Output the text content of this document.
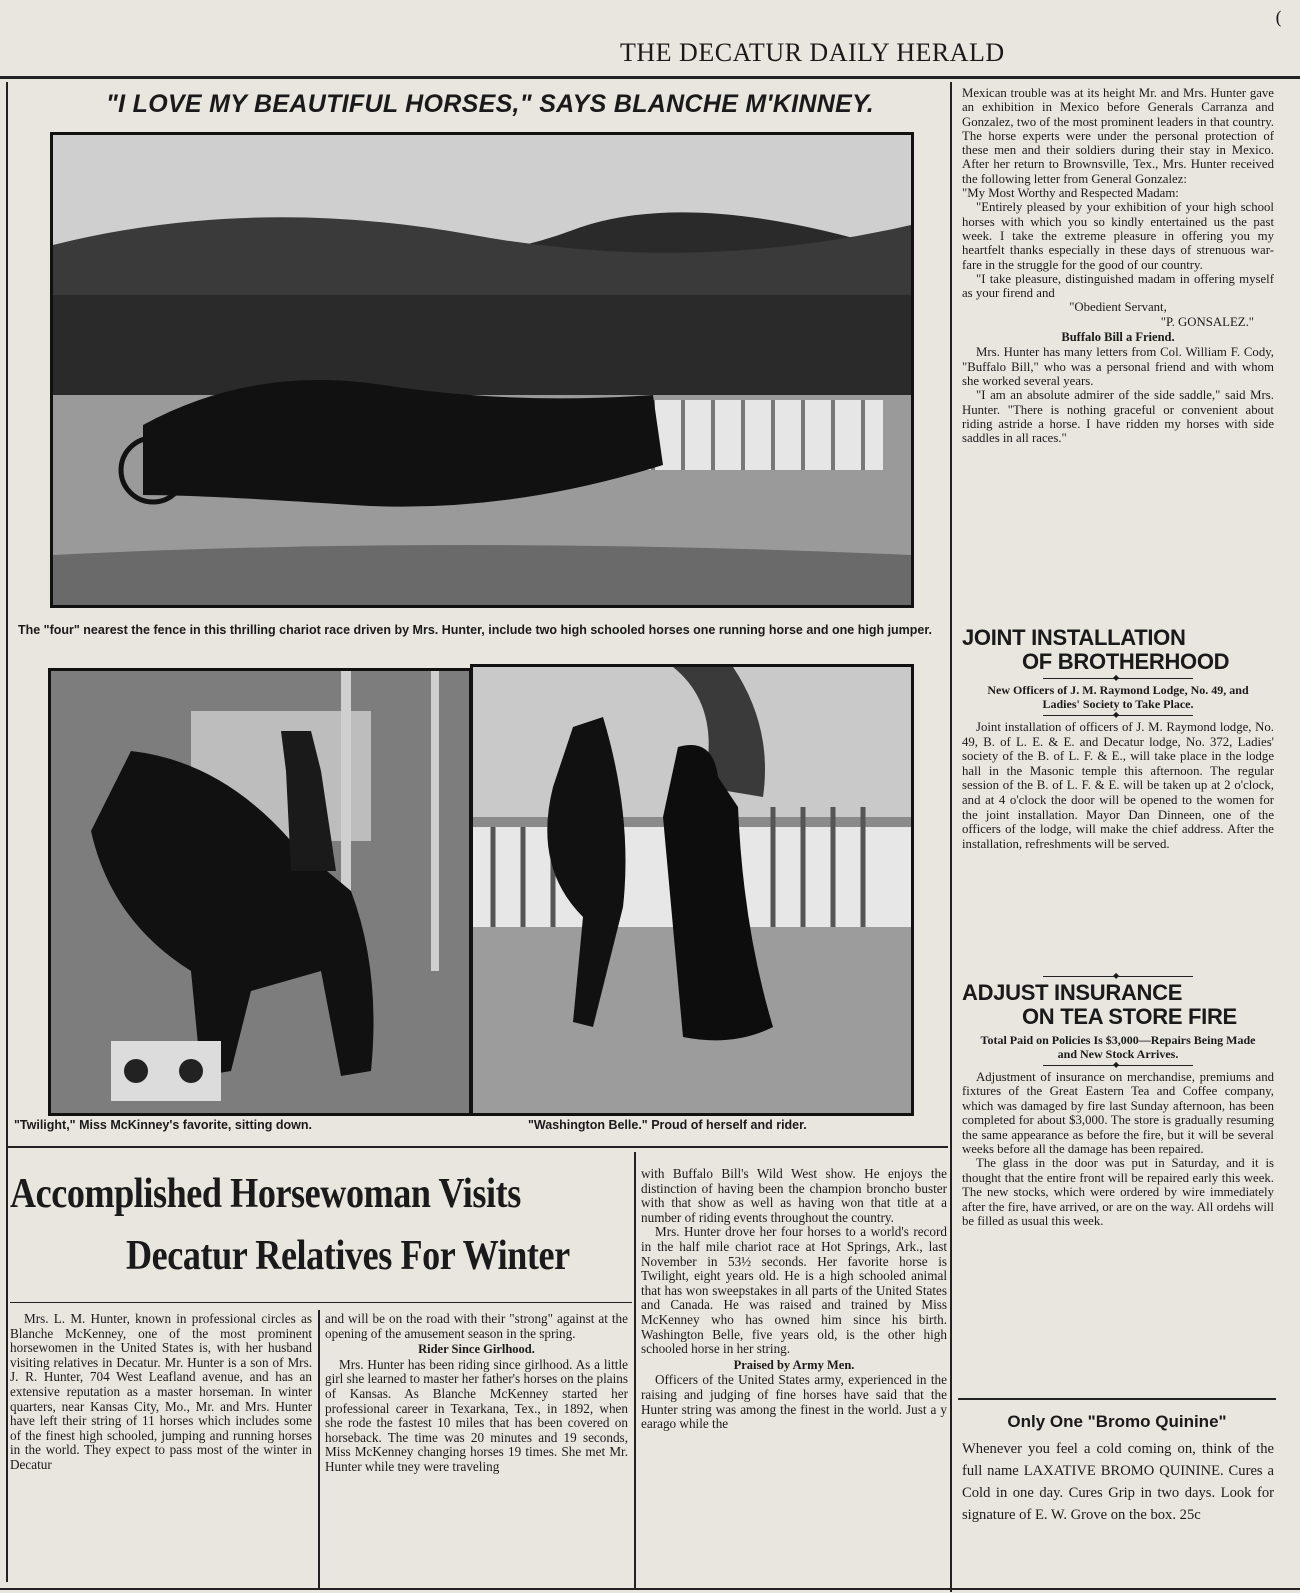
THE DECATUR DAILY HERALD
(
"I LOVE MY BEAUTIFUL HORSES," SAYS BLANCHE M'KINNEY.
The "four" nearest the fence in this thrilling chariot race driven by Mrs. Hunter, include two high schooled horses one running horse and one high jumper.
"Twilight," Miss McKinney's favorite, sitting down.	"Washington Belle." Proud of herself and rider.
Accomplished Horsewoman Visits
Decatur Relatives For Winter

Mrs. L. M. Hunter, known in professional circles as Blanche McKenney, one of the most prominent horsewomen in the United States is, with her husband visiting relatives in Decatur. Mr. Hunter is a son of Mrs. J. R. Hunter, 704 West Leafland avenue, and has an extensive reputation as a master horseman. In winter quarters, near Kansas City, Mo., Mr. and Mrs. Hunter have left their string of 11 horses which includes some of the finest high schooled, jumping and running horses in the world. They expect to pass most of the winter in Decatur

and will be on the road with their "strong" against at the opening of the amusement season in the spring.

Rider Since Girlhood.

Mrs. Hunter has been riding since girlhood. As a little girl she learned to master her father's horses on the plains of Kansas. As Blanche McKenney started her professional career in Texarkana, Tex., in 1892, when she rode the fastest 10 miles that has been covered on horseback. The time was 20 minutes and 19 seconds, Miss McKenney changing horses 19 times. She met Mr. Hunter while tney were traveling

with Buffalo Bill's Wild West show. He enjoys the distinction of having been the champion broncho buster with that show as well as having won that title at a number of riding events throughout the country.

Mrs. Hunter drove her four horses to a world's record in the half mile chariot race at Hot Springs, Ark., last November in 53½ seconds. Her favorite horse is Twilight, eight years old. He is a high schooled animal that has won sweepstakes in all parts of the United States and Canada. He was raised and trained by Miss McKenney who has owned him since his birth. Washington Belle, five years old, is the other high schooled horse in her string.

Praised by Army Men.

Officers of the United States army, experienced in the raising and judging of fine horses have said that the Hunter string was among the finest in the world. Just a y earago while the

Mexican trouble was at its height Mr. and Mrs. Hunter gave an exhibition in Mexico before Generals Carranza and Gonzalez, two of the most prominent leaders in that country. The horse experts were under the personal protection of these men and their soldiers during their stay in Mexico. After her return to Brownsville, Tex., Mrs. Hunter received the following letter from General Gonzalez:

"My Most Worthy and Respected Madam:

"Entirely pleased by your exhibition of your high school horses with which you so kindly entertained us the past week. I take the extreme pleasure in offering you my heartfelt thanks especially in these days of strenuous war-fare in the struggle for the good of our country.

"I take pleasure, distinguished madam in offering myself as your firend and

"Obedient Servant,

"P. GONSALEZ."

Buffalo Bill a Friend.

Mrs. Hunter has many letters from Col. William F. Cody, "Buffalo Bill," who was a personal friend and with whom she worked several years.

"I am an absolute admirer of the side saddle," said Mrs. Hunter. "There is nothing graceful or convenient about riding astride a horse. I have ridden my horses with side saddles in all races."

JOINT INSTALLATION
OF BROTHERHOOD
◆
New Officers of J. M. Raymond Lodge, No. 49, and Ladies' Society to Take Place.
◆

Joint installation of officers of J. M. Raymond lodge, No. 49, B. of L. E. & E. and Decatur lodge, No. 372, Ladies' society of the B. of L. F. & E., will take place in the lodge hall in the Masonic temple this afternoon. The regular session of the B. of L. F. & E. will be taken up at 2 o'clock, and at 4 o'clock the door will be opened to the women for the joint installation. Mayor Dan Dinneen, one of the officers of the lodge, will make the chief address. After the installation, refreshments will be served.

◆
ADJUST INSURANCE
ON TEA STORE FIRE
Total Paid on Policies Is $3,000—Repairs Being Made and New Stock Arrives.
◆

Adjustment of insurance on merchandise, premiums and fixtures of the Great Eastern Tea and Coffee company, which was damaged by fire last Sunday afternoon, has been completed for about $3,000. The store is gradually resuming the same appearance as before the fire, but it will be several weeks before all the damage has been repaired.

The glass in the door was put in Saturday, and it is thought that the entire front will be repaired early this week. The new stocks, which were ordered by wire immediately after the fire, have arrived, or are on the way. All ordehs will be filled as usual this week.

Only One "Bromo Quinine"
Whenever you feel a cold coming on, think of the full name LAXATIVE BROMO QUININE. Cures a Cold in one day. Cures Grip in two days. Look for signature of E. W. Grove on the box. 25c
